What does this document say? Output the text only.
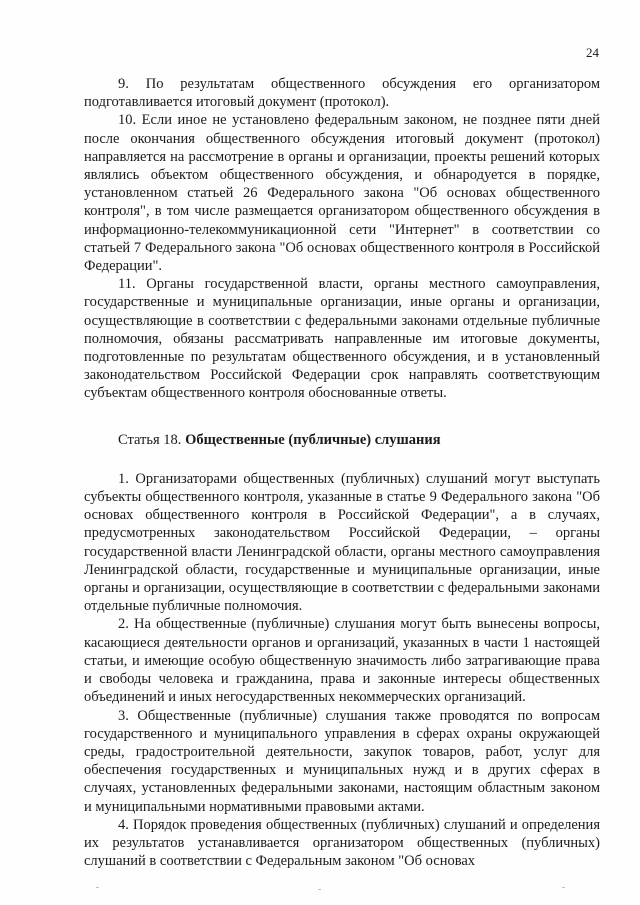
24

9. По результатам общественного обсуждения его организатором подготавливается итоговый документ (протокол).

10. Если иное не установлено федеральным законом, не позднее пяти дней после окончания общественного обсуждения итоговый документ (протокол) направляется на рассмотрение в органы и организации, проекты решений которых являлись объектом общественного обсуждения, и обнародуется в порядке, установленном статьей 26 Федерального закона "Об основах общественного контроля", в том числе размещается организатором общественного обсуждения в информационно-телекоммуникационной сети "Интернет" в соответствии со статьей 7 Федерального закона "Об основах общественного контроля в Российской Федерации".

11. Органы государственной власти, органы местного самоуправления, государственные и муниципальные организации, иные органы и организации, осуществляющие в соответствии с федеральными законами отдельные публичные полномочия, обязаны рассматривать направленные им итоговые документы, подготовленные по результатам общественного обсуждения, и в установленный законодательством Российской Федерации срок направлять соответствующим субъектам общественного контроля обоснованные ответы.

Статья 18. Общественные (публичные) слушания

1. Организаторами общественных (публичных) слушаний могут выступать субъекты общественного контроля, указанные в статье 9 Федерального закона "Об основах общественного контроля в Российской Федерации", а в случаях, предусмотренных законодательством Российской Федерации, – органы государственной власти Ленинградской области, органы местного самоуправления Ленинградской области, государственные и муниципальные организации, иные органы и организации, осуществляющие в соответствии с федеральными законами отдельные публичные полномочия.

2. На общественные (публичные) слушания могут быть вынесены вопросы, касающиеся деятельности органов и организаций, указанных в части 1 настоящей статьи, и имеющие особую общественную значимость либо затрагивающие права и свободы человека и гражданина, права и законные интересы общественных объединений и иных негосударственных некоммерческих организаций.

3. Общественные (публичные) слушания также проводятся по вопросам государственного и муниципального управления в сферах охраны окружающей среды, градостроительной деятельности, закупок товаров, работ, услуг для обеспечения государственных и муниципальных нужд и в других сферах в случаях, установленных федеральными законами, настоящим областным законом и муниципальными нормативными правовыми актами.

4. Порядок проведения общественных (публичных) слушаний и определения их результатов устанавливается организатором общественных (публичных) слушаний в соответствии с Федеральным законом "Об основах
